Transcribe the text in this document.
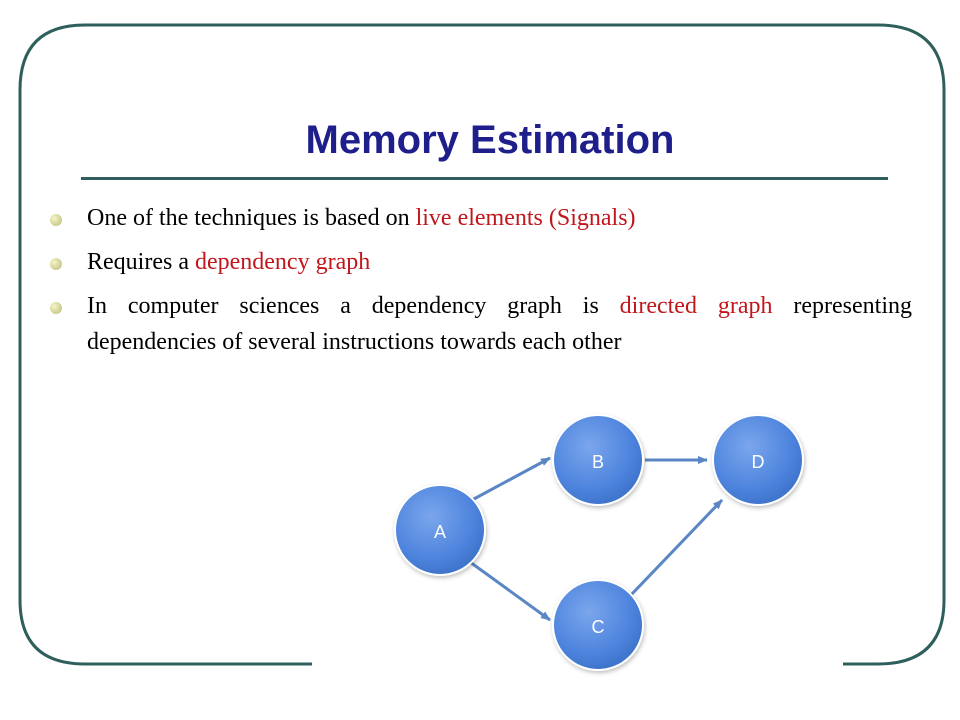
Memory Estimation
One of the techniques is based on live elements (Signals)
Requires a dependency graph
In computer sciences a dependency graph is directed graph representing dependencies of several instructions towards each other
A
B
C
D
